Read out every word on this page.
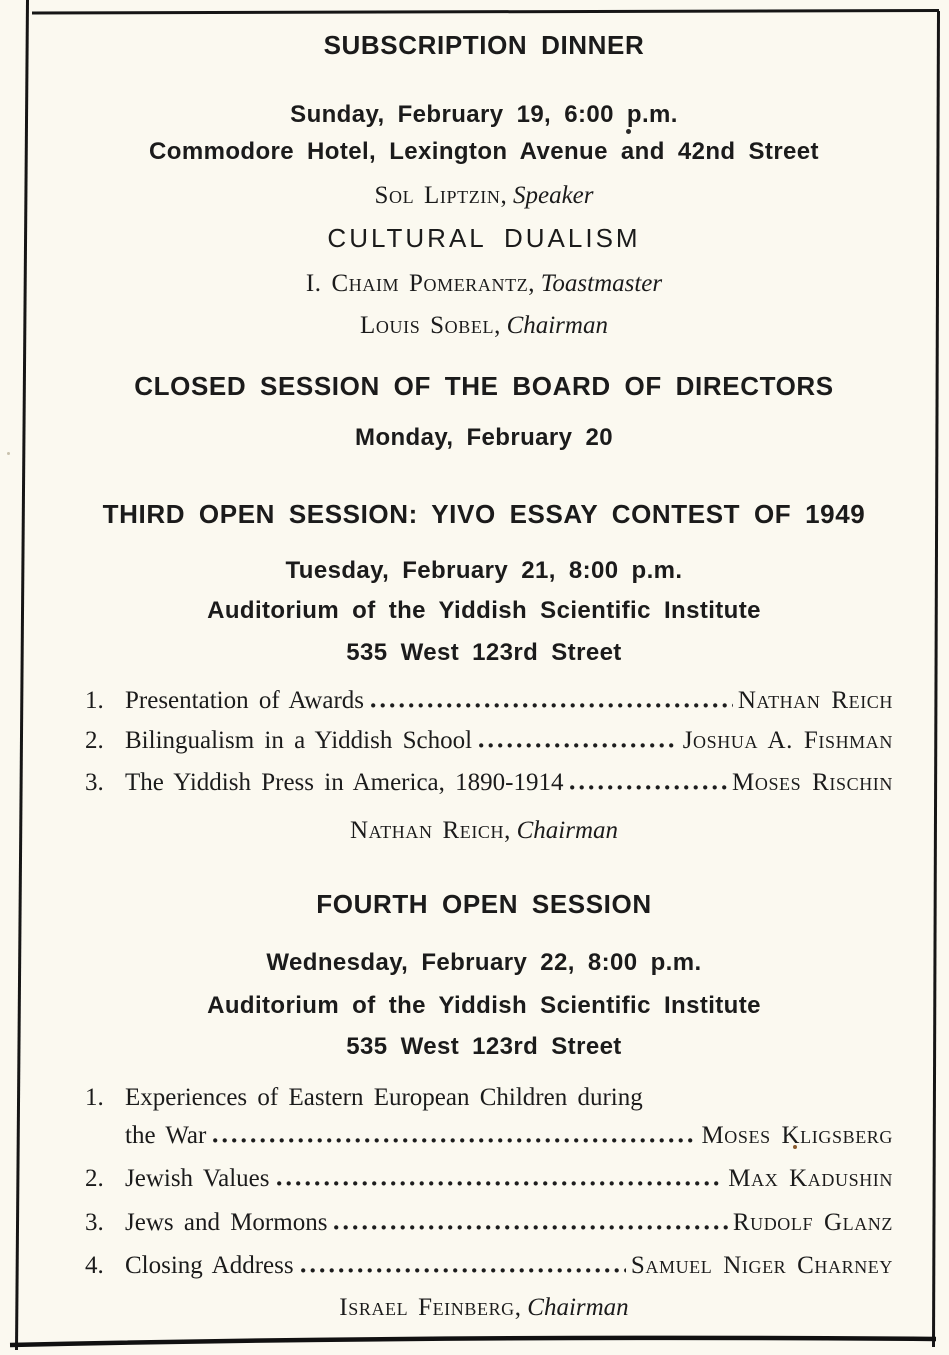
SUBSCRIPTION DINNER
Sunday, February 19, 6:00 p.m.
Commodore Hotel, Lexington Avenue and 42nd Street
Sol Liptzin, Speaker
CULTURAL DUALISM
I. Chaim Pomerantz, Toastmaster
Louis Sobel, Chairman
CLOSED SESSION OF THE BOARD OF DIRECTORS
Monday, February 20
THIRD OPEN SESSION: YIVO ESSAY CONTEST OF 1949
Tuesday, February 21, 8:00 p.m.
Auditorium of the Yiddish Scientific Institute
535 West 123rd Street
1. Presentation of Awards	Nathan Reich
2. Bilingualism in a Yiddish School	Joshua A. Fishman
3. The Yiddish Press in America, 1890-1914	Moses Rischin
Nathan Reich, Chairman
FOURTH OPEN SESSION
Wednesday, February 22, 8:00 p.m.
Auditorium of the Yiddish Scientific Institute
535 West 123rd Street
1. Experiences of Eastern European Children during
the War	Moses Kligsberg
2. Jewish Values	Max Kadushin
3. Jews and Mormons	Rudolf Glanz
4. Closing Address	Samuel Niger Charney
Israel Feinberg, Chairman
